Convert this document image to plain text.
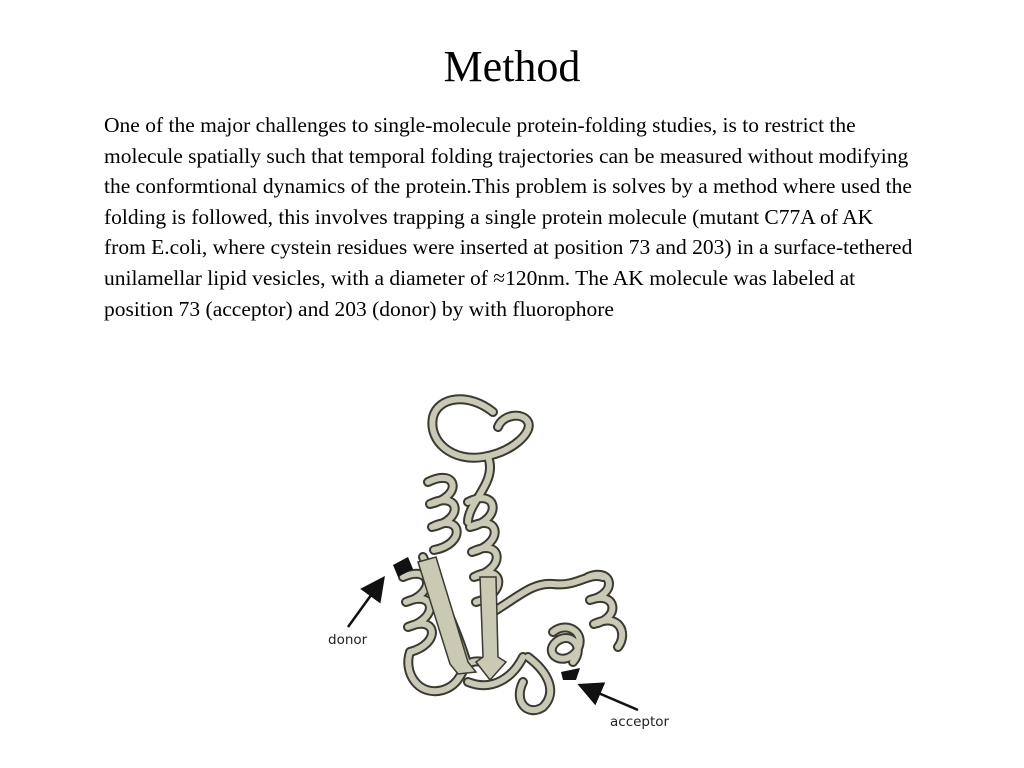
Method
One of the major challenges to single-molecule protein-folding studies, is to restrict the molecule spatially such that temporal folding trajectories can be measured without modifying the conformtional dynamics of the protein.This problem is solves by a method where used the folding is followed, this involves trapping a single protein molecule (mutant C77A of AK from E.coli, where cystein residues were inserted at position 73 and 203) in a surface-tethered unilamellar lipid vesicles, with a diameter of ≈120nm. The AK molecule was labeled at position 73 (acceptor) and 203 (donor) by with fluorophore
donor
acceptor
